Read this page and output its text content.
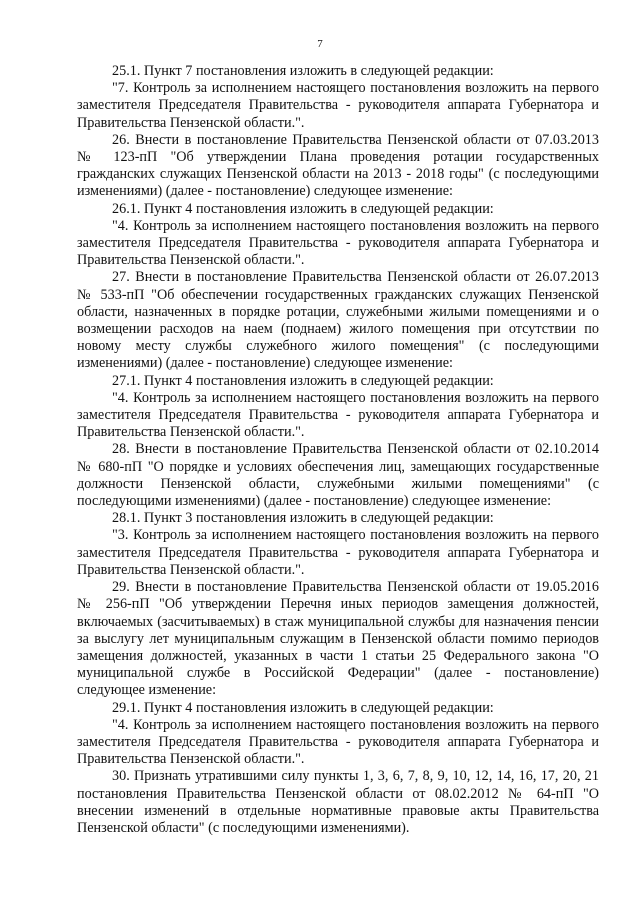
7

25.1. Пункт 7 постановления изложить в следующей редакции:

"7. Контроль за исполнением настоящего постановления возложить на первого заместителя Председателя Правительства - руководителя аппарата Губернатора и Правительства Пензенской области.".

26. Внести в постановление Правительства Пензенской области от 07.03.2013 № 123-пП "Об утверждении Плана проведения ротации государственных гражданских служащих Пензенской области на 2013 - 2018 годы" (с последующими изменениями) (далее - постановление) следующее изменение:

26.1. Пункт 4 постановления изложить в следующей редакции:

"4. Контроль за исполнением настоящего постановления возложить на первого заместителя Председателя Правительства - руководителя аппарата Губернатора и Правительства Пензенской области.".

27. Внести в постановление Правительства Пензенской области от 26.07.2013 № 533-пП "Об обеспечении государственных гражданских служащих Пензенской области, назначенных в порядке ротации, служебными жилыми помещениями и о возмещении расходов на наем (поднаем) жилого помещения при отсутствии по новому месту службы служебного жилого помещения" (с последующими изменениями) (далее - постановление) следующее изменение:

27.1. Пункт 4 постановления изложить в следующей редакции:

"4. Контроль за исполнением настоящего постановления возложить на первого заместителя Председателя Правительства - руководителя аппарата Губернатора и Правительства Пензенской области.".

28. Внести в постановление Правительства Пензенской области от 02.10.2014 № 680-пП "О порядке и условиях обеспечения лиц, замещающих государственные должности Пензенской области, служебными жилыми помещениями" (с последующими изменениями) (далее - постановление) следующее изменение:

28.1. Пункт 3 постановления изложить в следующей редакции:

"3. Контроль за исполнением настоящего постановления возложить на первого заместителя Председателя Правительства - руководителя аппарата Губернатора и Правительства Пензенской области.".

29. Внести в постановление Правительства Пензенской области от 19.05.2016 № 256-пП "Об утверждении Перечня иных периодов замещения должностей, включаемых (засчитываемых) в стаж муниципальной службы для назначения пенсии за выслугу лет муниципальным служащим в Пензенской области помимо периодов замещения должностей, указанных в части 1 статьи 25 Федерального закона "О муниципальной службе в Российской Федерации" (далее - постановление) следующее изменение:

29.1. Пункт 4 постановления изложить в следующей редакции:

"4. Контроль за исполнением настоящего постановления возложить на первого заместителя Председателя Правительства - руководителя аппарата Губернатора и Правительства Пензенской области.".

30. Признать утратившими силу пункты 1, 3, 6, 7, 8, 9, 10, 12, 14, 16, 17, 20, 21 постановления Правительства Пензенской области от 08.02.2012 № 64-пП "О внесении изменений в отдельные нормативные правовые акты Правительства Пензенской области" (с последующими изменениями).
